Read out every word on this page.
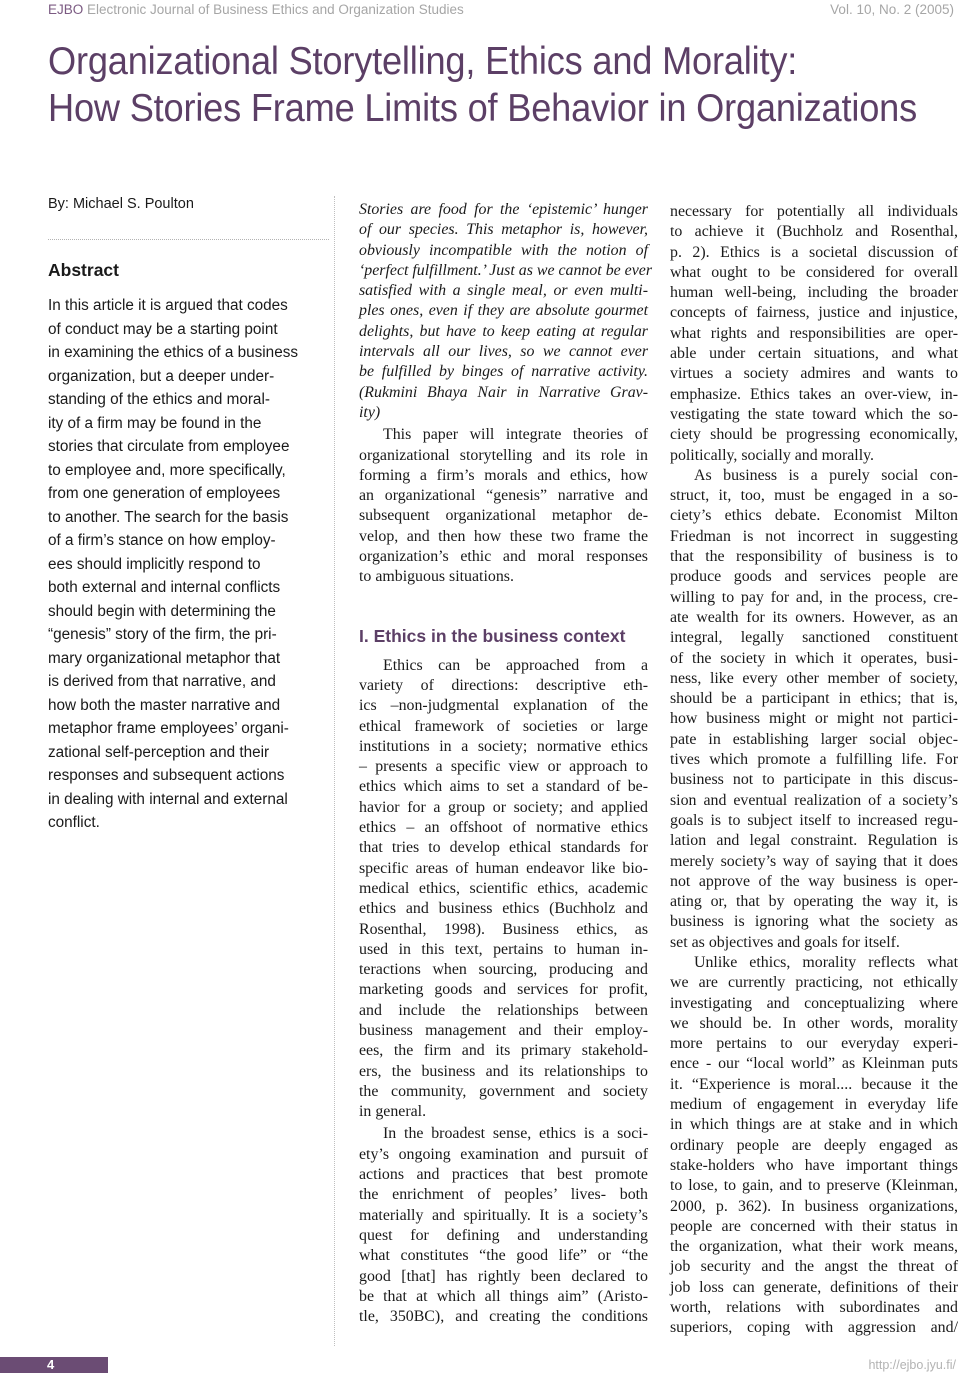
EJBO Electronic Journal of Business Ethics and Organization Studies	Vol. 10, No. 2 (2005)
Organizational Storytelling, Ethics and Morality:
How Stories Frame Limits of Behavior in Organizations
By: Michael S. Poulton
Abstract
In this article it is argued that codes
of conduct may be a starting point
in examining the ethics of a business
organization, but a deeper under-
standing of the ethics and moral-
ity of a firm may be found in the
stories that circulate from employee
to employee and, more specifically,
from one generation of employees
to another. The search for the basis
of a firm’s stance on how employ-
ees should implicitly respond to
both external and internal conflicts
should begin with determining the
“genesis” story of the firm, the pri-
mary organizational metaphor that
is derived from that narrative, and
how both the master narrative and
metaphor frame employees’ organi-
zational self-perception and their
responses and subsequent actions
in dealing with internal and external
conflict.
Stories are food for the ‘epistemic’ hunger
of our species. This metaphor is, however,
obviously incompatible with the notion of
‘perfect fulfillment.’ Just as we cannot be ever
satisfied with a single meal, or even multi-
ples ones, even if they are absolute gourmet
delights, but have to keep eating at regular
intervals all our lives, so we cannot ever
be fulfilled by binges of narrative activity.
(Rukmini Bhaya Nair in Narrative Grav-
ity)
This paper will integrate theories of
organizational storytelling and its role in
forming a firm’s morals and ethics, how
an organizational “genesis” narrative and
subsequent organizational metaphor de-
velop, and then how these two frame the
organization’s ethic and moral responses
to ambiguous situations.
Ethics can be approached from a
variety of directions: descriptive eth-
ics –non-judgmental explanation of the
ethical framework of societies or large
institutions in a society; normative ethics
– presents a specific view or approach to
ethics which aims to set a standard of be-
havior for a group or society; and applied
ethics – an offshoot of normative ethics
that tries to develop ethical standards for
specific areas of human endeavor like bio-
medical ethics, scientific ethics, academic
ethics and business ethics (Buchholz and
Rosenthal, 1998). Business ethics, as
used in this text, pertains to human in-
teractions when sourcing, producing and
marketing goods and services for profit,
and include the relationships between
business management and their employ-
ees, the firm and its primary stakehold-
ers, the business and its relationships to
the community, government and society
in general.
In the broadest sense, ethics is a soci-
ety’s ongoing examination and pursuit of
actions and practices that best promote
the enrichment of peoples’ lives- both
materially and spiritually. It is a society’s
quest for defining and understanding
what constitutes “the good life” or “the
good [that] has rightly been declared to
be that at which all things aim” (Aristo-
tle, 350BC), and creating the conditions
I. Ethics in the business context
necessary for potentially all individuals
to achieve it (Buchholz and Rosenthal,
p. 2). Ethics is a societal discussion of
what ought to be considered for overall
human well-being, including the broader
concepts of fairness, justice and injustice,
what rights and responsibilities are oper-
able under certain situations, and what
virtues a society admires and wants to
emphasize. Ethics takes an over-view, in-
vestigating the state toward which the so-
ciety should be progressing economically,
politically, socially and morally.
As business is a purely social con-
struct, it, too, must be engaged in a so-
ciety’s ethics debate. Economist Milton
Friedman is not incorrect in suggesting
that the responsibility of business is to
produce goods and services people are
willing to pay for and, in the process, cre-
ate wealth for its owners. However, as an
integral, legally sanctioned constituent
of the society in which it operates, busi-
ness, like every other member of society,
should be a participant in ethics; that is,
how business might or might not partici-
pate in establishing larger social objec-
tives which promote a fulfilling life. For
business not to participate in this discus-
sion and eventual realization of a society’s
goals is to subject itself to increased regu-
lation and legal constraint. Regulation is
merely society’s way of saying that it does
not approve of the way business is oper-
ating or, that by operating the way it, is
business is ignoring what the society as
set as objectives and goals for itself.
Unlike ethics, morality reflects what
we are currently practicing, not ethically
investigating and conceptualizing where
we should be. In other words, morality
more pertains to our everyday experi-
ence - our “local world” as Kleinman puts
it. “Experience is moral.... because it the
medium of engagement in everyday life
in which things are at stake and in which
ordinary people are deeply engaged as
stake-holders who have important things
to lose, to gain, and to preserve (Kleinman,
2000, p. 362). In business organizations,
people are concerned with their status in
the organization, what their work means,
job security and the angst the threat of
job loss can generate, definitions of their
worth, relations with subordinates and
superiors, coping with aggression and/
4	http://ejbo.jyu.fi/
